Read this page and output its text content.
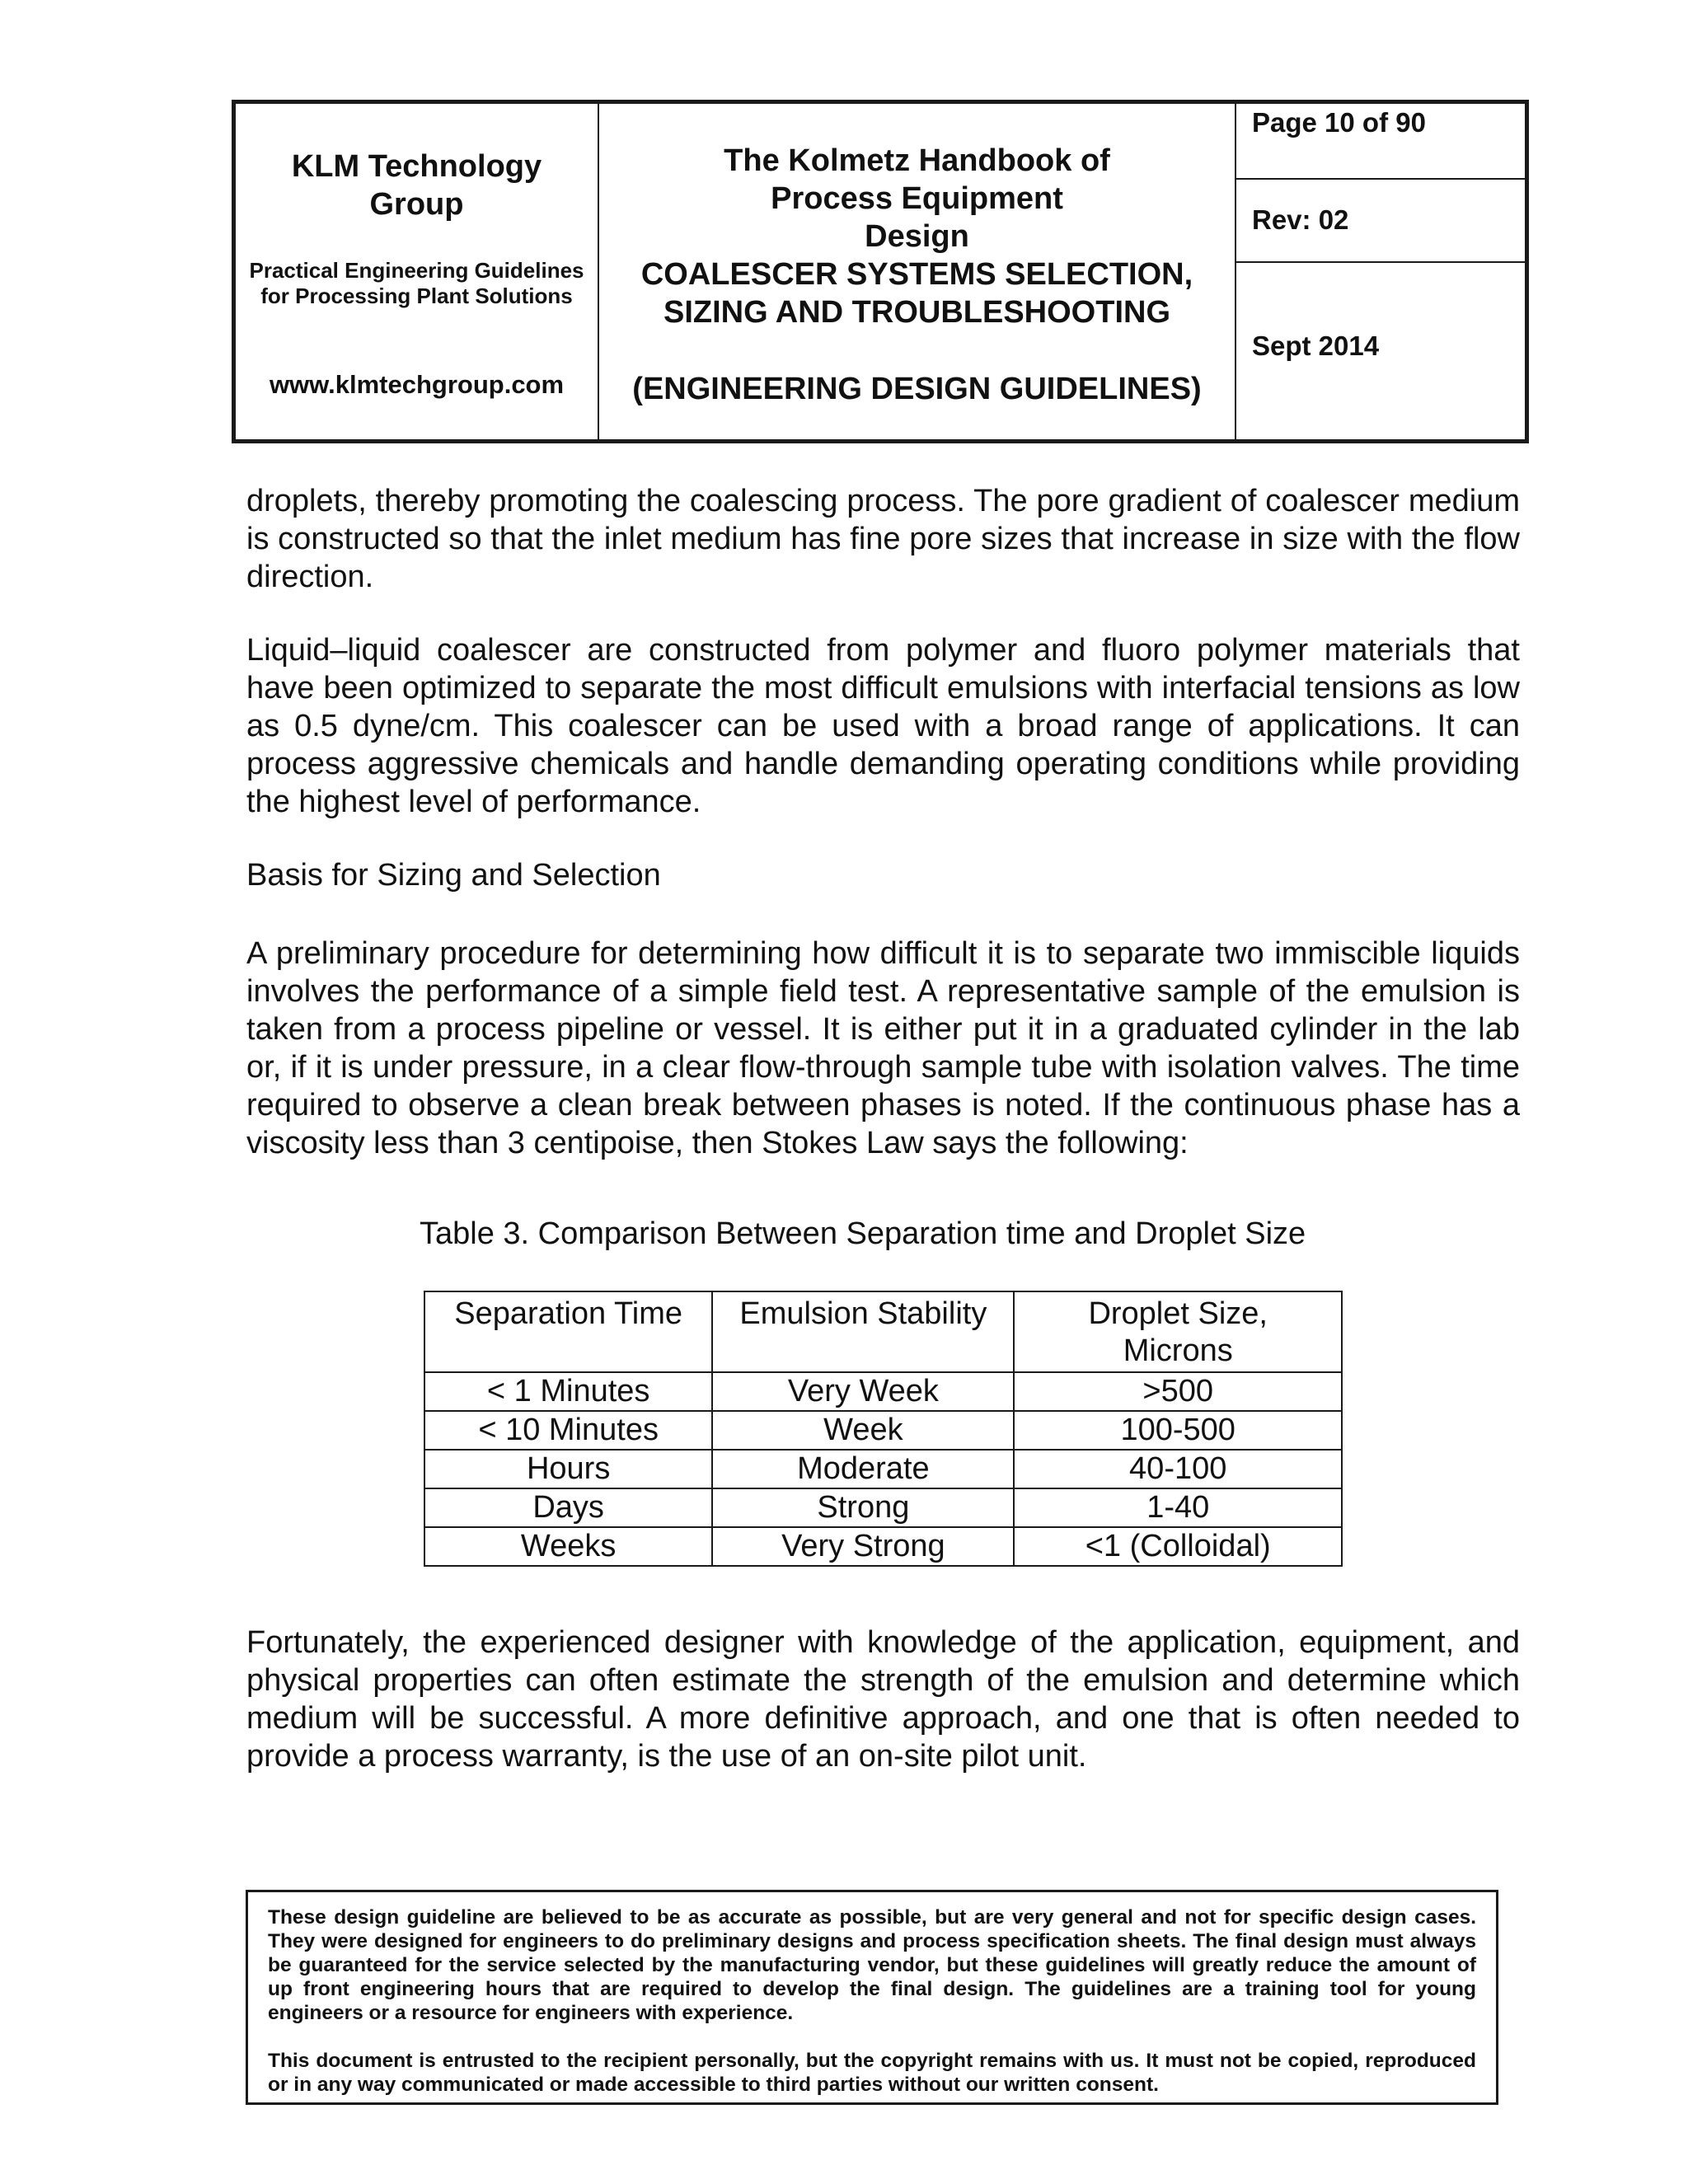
KLM Technology Group
Practical Engineering Guidelines for Processing Plant Solutions
www.klmtechgroup.com
The Kolmetz Handbook of Process Equipment Design
COALESCER SYSTEMS SELECTION,
SIZING AND TROUBLESHOOTING
(ENGINEERING DESIGN GUIDELINES)
Page 10 of 90
Rev: 02
Sept 2014

droplets, thereby promoting the coalescing process. The pore gradient of coalescer medium is constructed so that the inlet medium has fine pore sizes that increase in size with the flow direction.

Liquid–liquid coalescer are constructed from polymer and fluoro polymer materials that have been optimized to separate the most difficult emulsions with interfacial tensions as low as 0.5 dyne/cm. This coalescer can be used with a broad range of applications. It can process aggressive chemicals and handle demanding operating conditions while providing the highest level of performance.

Basis for Sizing and Selection

A preliminary procedure for determining how difficult it is to separate two immiscible liquids involves the performance of a simple field test. A representative sample of the emulsion is taken from a process pipeline or vessel. It is either put it in a graduated cylinder in the lab or, if it is under pressure, in a clear flow-through sample tube with isolation valves. The time required to observe a clean break between phases is noted. If the continuous phase has a viscosity less than 3 centipoise, then Stokes Law says the following:

Table 3. Comparison Between Separation time and Droplet Size

Separation Time	Emulsion Stability	Droplet Size, Microns
< 1 Minutes	Very Week	>500
< 10 Minutes	Week	100-500
Hours	Moderate	40-100
Days	Strong	1-40
Weeks	Very Strong	<1 (Colloidal)

Fortunately, the experienced designer with knowledge of the application, equipment, and physical properties can often estimate the strength of the emulsion and determine which medium will be successful. A more definitive approach, and one that is often needed to provide a process warranty, is the use of an on-site pilot unit.

These design guideline are believed to be as accurate as possible, but are very general and not for specific design cases. They were designed for engineers to do preliminary designs and process specification sheets. The final design must always be guaranteed for the service selected by the manufacturing vendor, but these guidelines will greatly reduce the amount of up front engineering hours that are required to develop the final design. The guidelines are a training tool for young engineers or a resource for engineers with experience.

This document is entrusted to the recipient personally, but the copyright remains with us. It must not be copied, reproduced or in any way communicated or made accessible to third parties without our written consent.
